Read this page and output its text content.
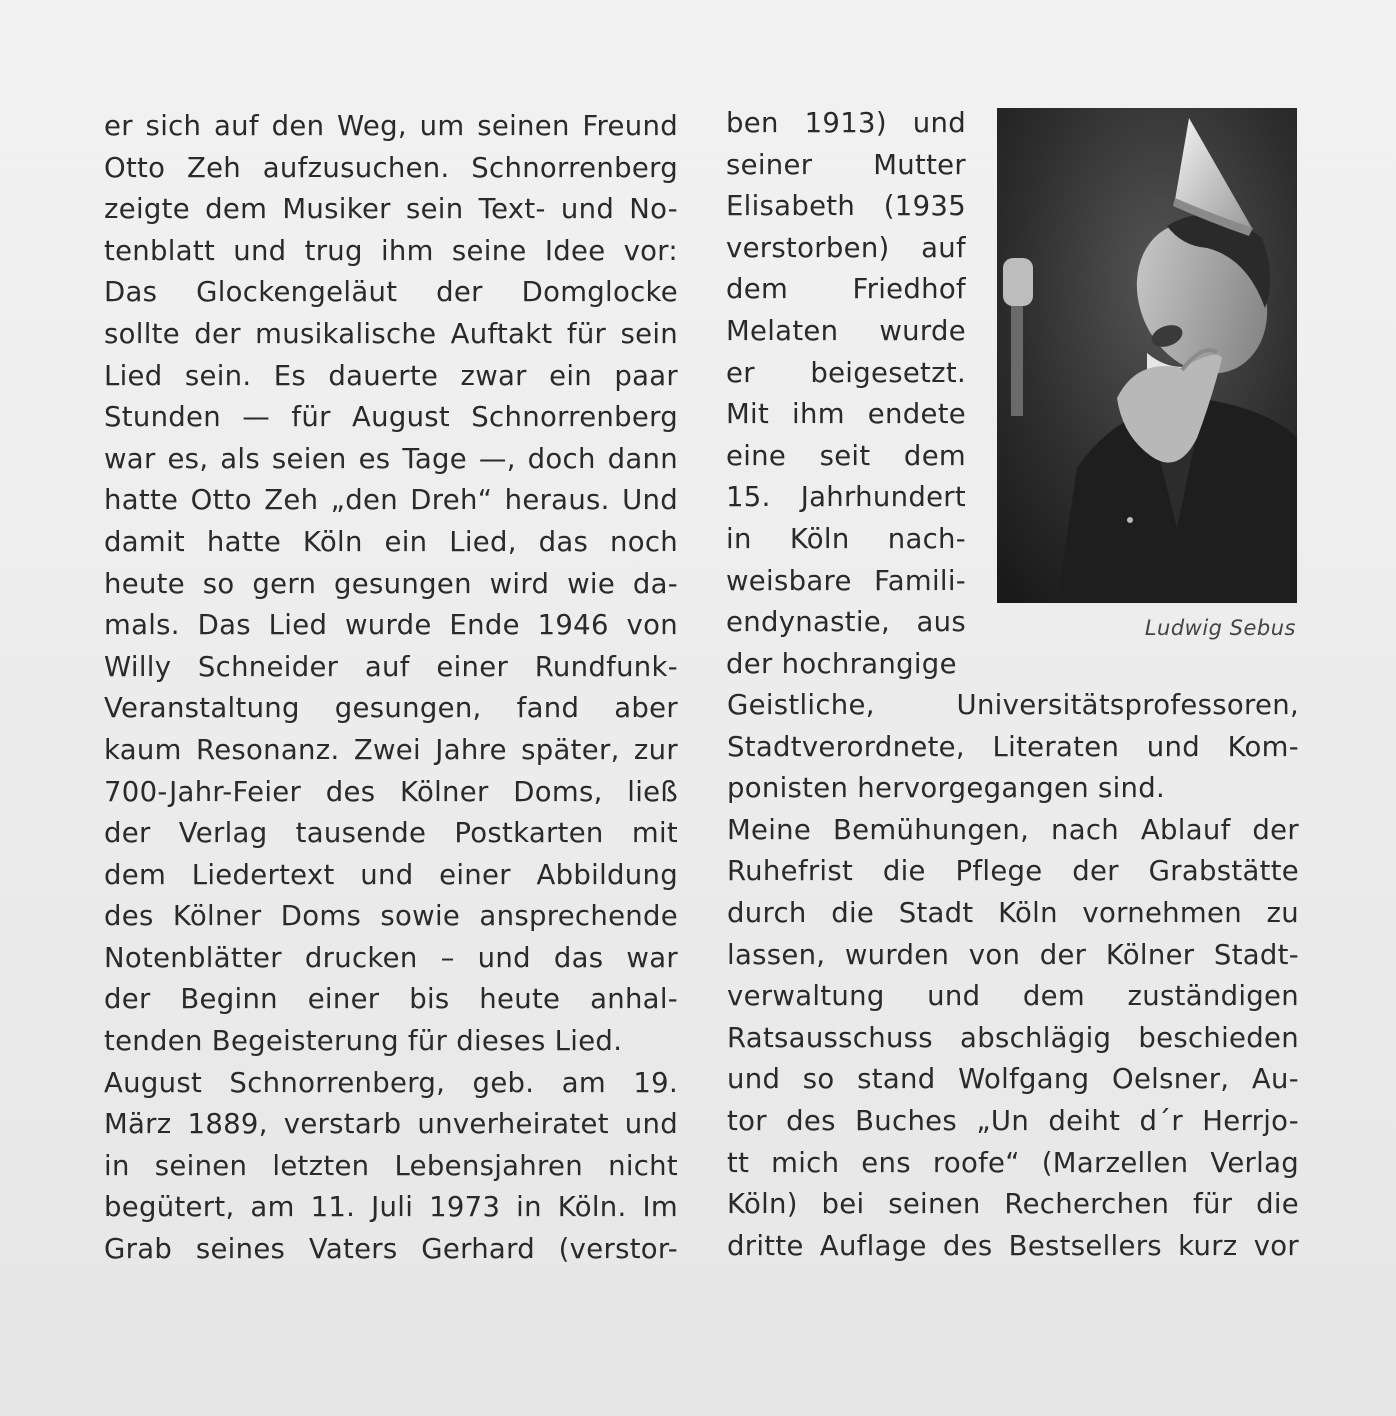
er sich auf den Weg, um seinen Freund
Otto Zeh aufzusuchen. Schnorrenberg
zeigte dem Musiker sein Text- und No-
tenblatt und trug ihm seine Idee vor:
Das Glockengeläut der Domglocke
sollte der musikalische Auftakt für sein
Lied sein. Es dauerte zwar ein paar
Stunden — für August Schnorrenberg
war es, als seien es Tage —, doch dann
hatte Otto Zeh „den Dreh“ heraus. Und
damit hatte Köln ein Lied, das noch
heute so gern gesungen wird wie da-
mals. Das Lied wurde Ende 1946 von
Willy Schneider auf einer Rundfunk-
Veranstaltung gesungen, fand aber
kaum Resonanz. Zwei Jahre später, zur
700-Jahr-Feier des Kölner Doms, ließ
der Verlag tausende Postkarten mit
dem Liedertext und einer Abbildung
des Kölner Doms sowie ansprechende
Notenblätter drucken – und das war
der Beginn einer bis heute anhal-
tenden Begeisterung für dieses Lied.
August Schnorrenberg, geb. am 19.
März 1889, verstarb unverheiratet und
in seinen letzten Lebensjahren nicht
begütert, am 11. Juli 1973 in Köln. Im
Grab seines Vaters Gerhard (verstor-
ben 1913) und
seiner Mutter
Elisabeth (1935
verstorben) auf
dem Friedhof
Melaten wurde
er beigesetzt.
Mit ihm endete
eine seit dem
15. Jahrhundert
in Köln nach-
weisbare Famili-
endynastie, aus
der hochrangige
Ludwig Sebus
Geistliche, Universitätsprofessoren,
Stadtverordnete, Literaten und Kom-
ponisten hervorgegangen sind.
Meine Bemühungen, nach Ablauf der
Ruhefrist die Pflege der Grabstätte
durch die Stadt Köln vornehmen zu
lassen, wurden von der Kölner Stadt-
verwaltung und dem zuständigen
Ratsausschuss abschlägig beschieden
und so stand Wolfgang Oelsner, Au-
tor des Buches „Un deiht d´r Herrjo-
tt mich ens roofe“ (Marzellen Verlag
Köln) bei seinen Recherchen für die
dritte Auflage des Bestsellers kurz vor
